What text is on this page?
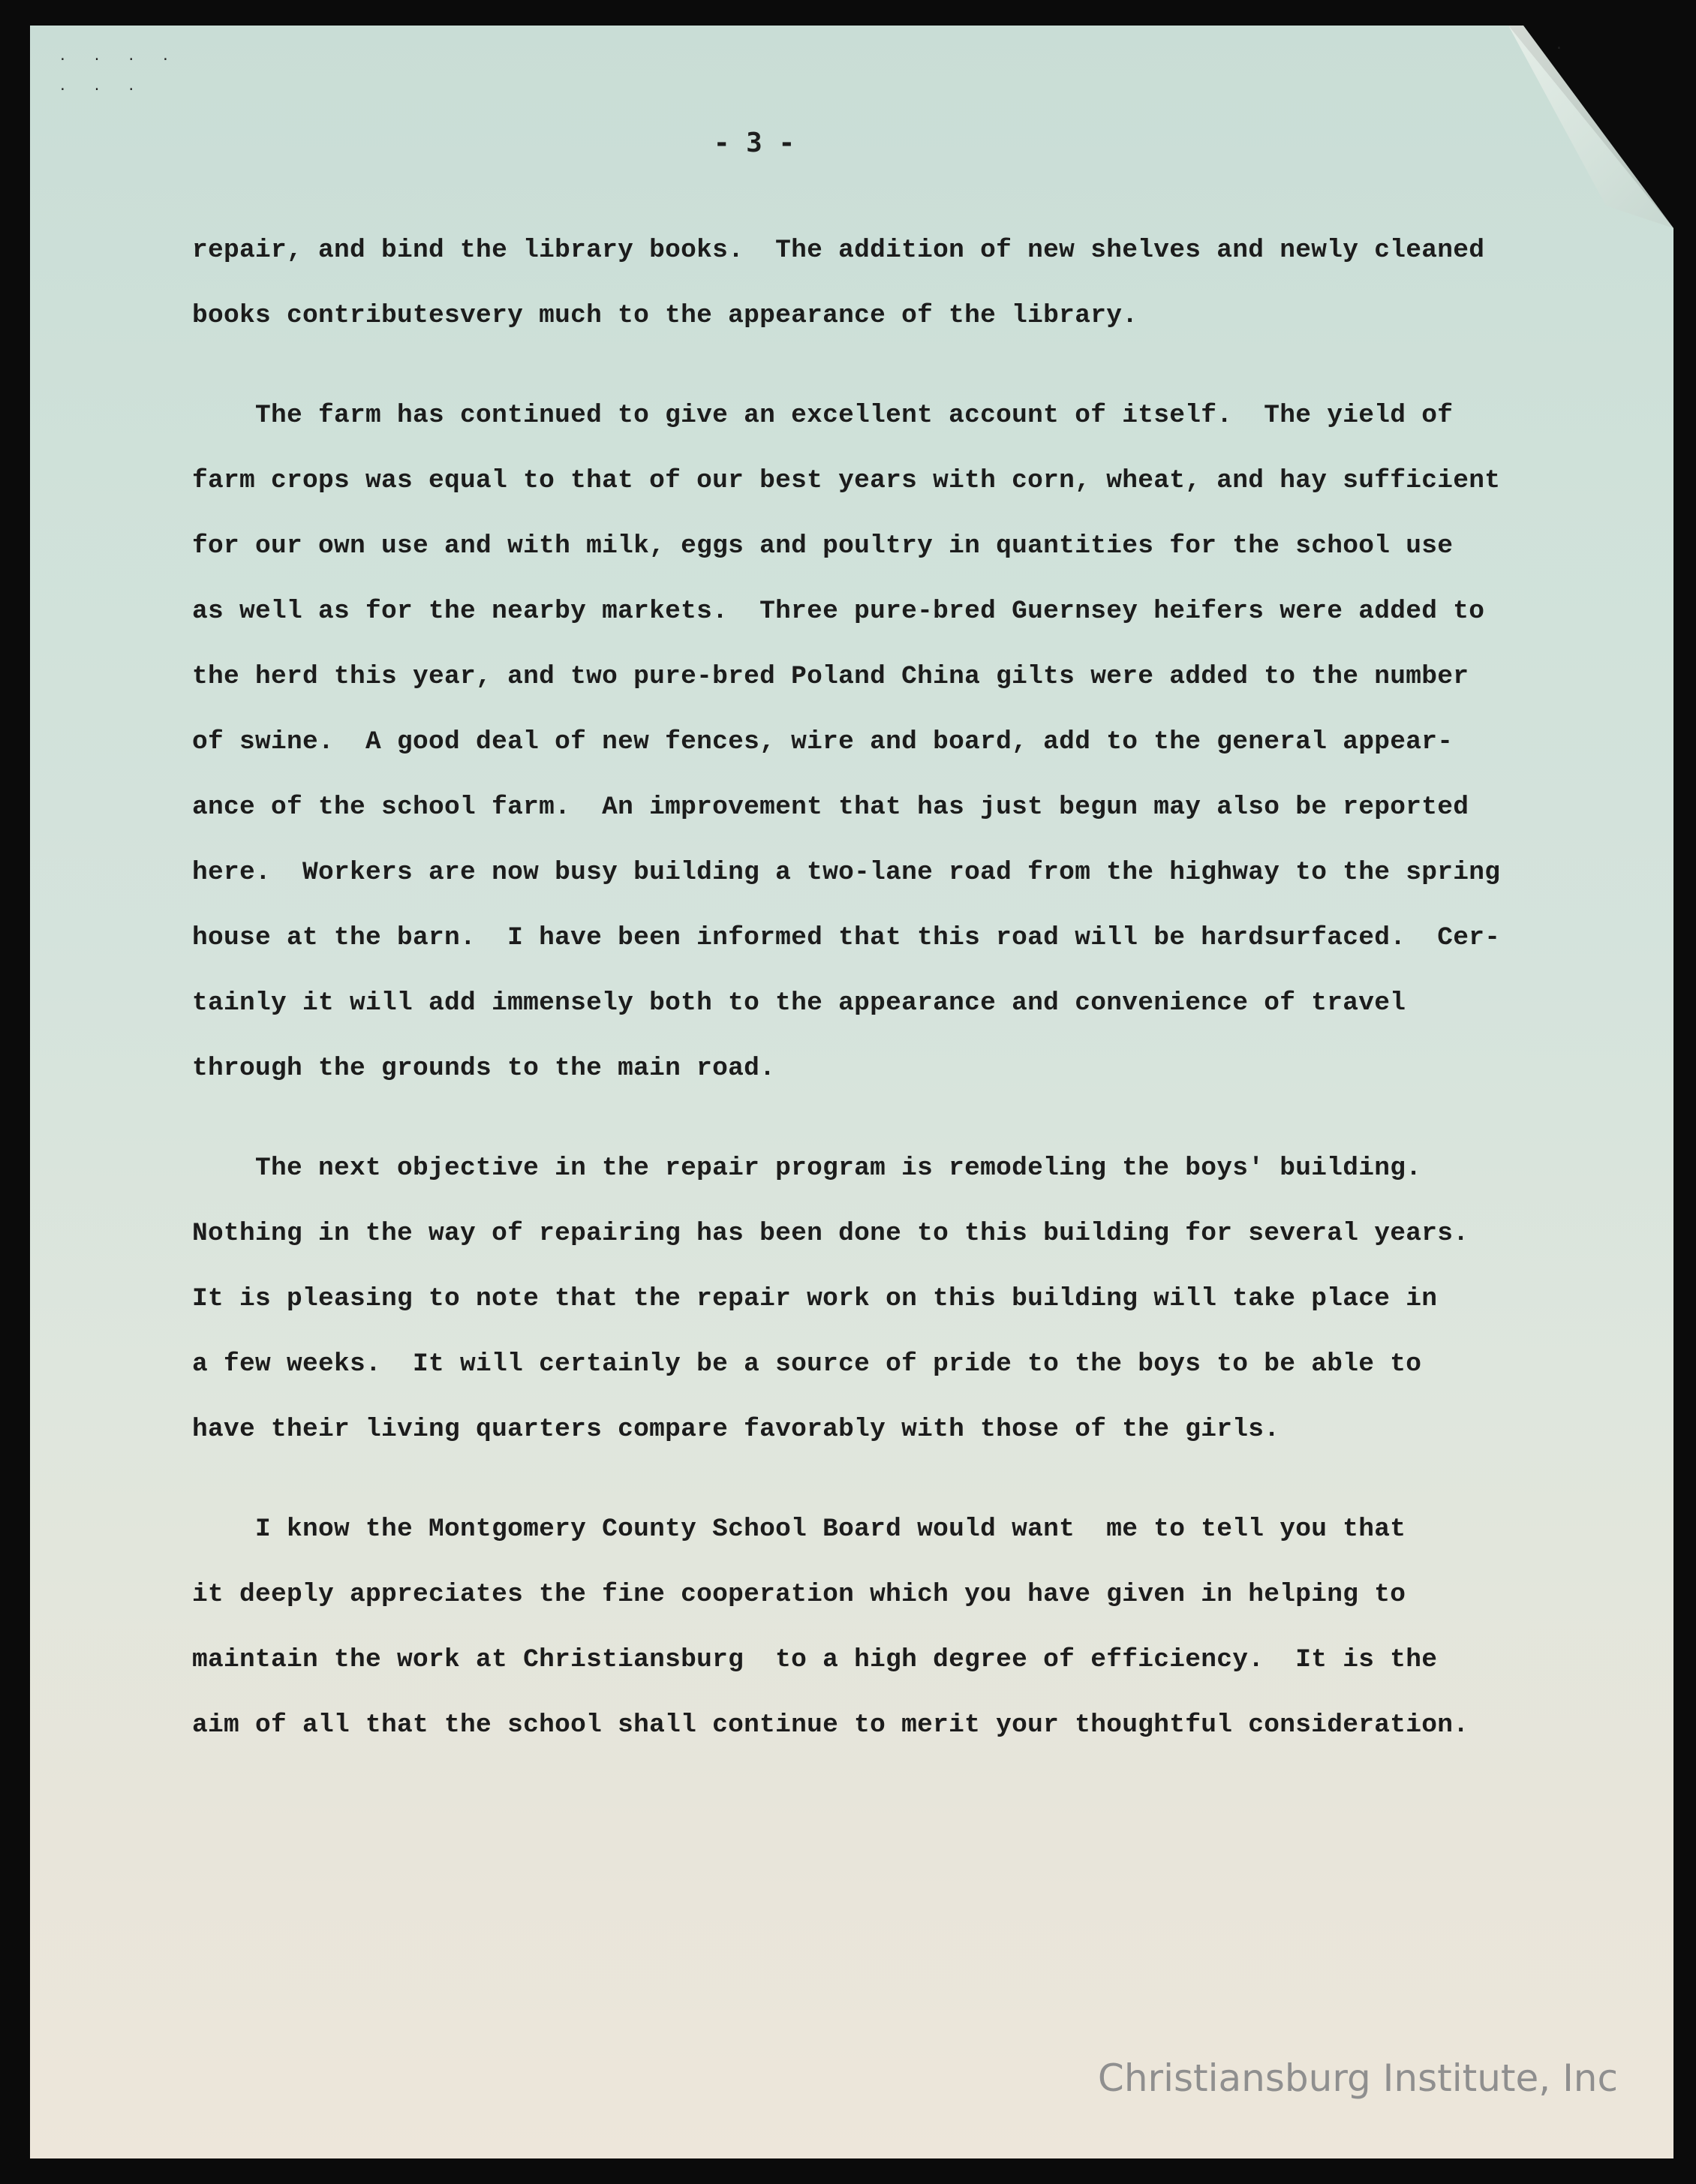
· · · ·
· · ·
·
- 3 -

repair, and bind the library books.  The addition of new shelves and newly cleaned

books contributesvery much to the appearance of the library.

The farm has continued to give an excellent account of itself.  The yield of

farm crops was equal to that of our best years with corn, wheat, and hay sufficient

for our own use and with milk, eggs and poultry in quantities for the school use

as well as for the nearby markets.  Three pure-bred Guernsey heifers were added to

the herd this year, and two pure-bred Poland China gilts were added to the number

of swine.  A good deal of new fences, wire and board, add to the general appear-

ance of the school farm.  An improvement that has just begun may also be reported

here.  Workers are now busy building a two-lane road from the highway to the spring

house at the barn.  I have been informed that this road will be hardsurfaced.  Cer-

tainly it will add immensely both to the appearance and convenience of travel

through the grounds to the main road.

The next objective in the repair program is remodeling the boys' building.

Nothing in the way of repairing has been done to this building for several years.

It is pleasing to note that the repair work on this building will take place in

a few weeks.  It will certainly be a source of pride to the boys to be able to

have their living quarters compare favorably with those of the girls.

I know the Montgomery County School Board would want  me to tell you that

it deeply appreciates the fine cooperation which you have given in helping to

maintain the work at Christiansburg  to a high degree of efficiency.  It is the

aim of all that the school shall continue to merit your thoughtful consideration.

Christiansburg Institute, Inc
